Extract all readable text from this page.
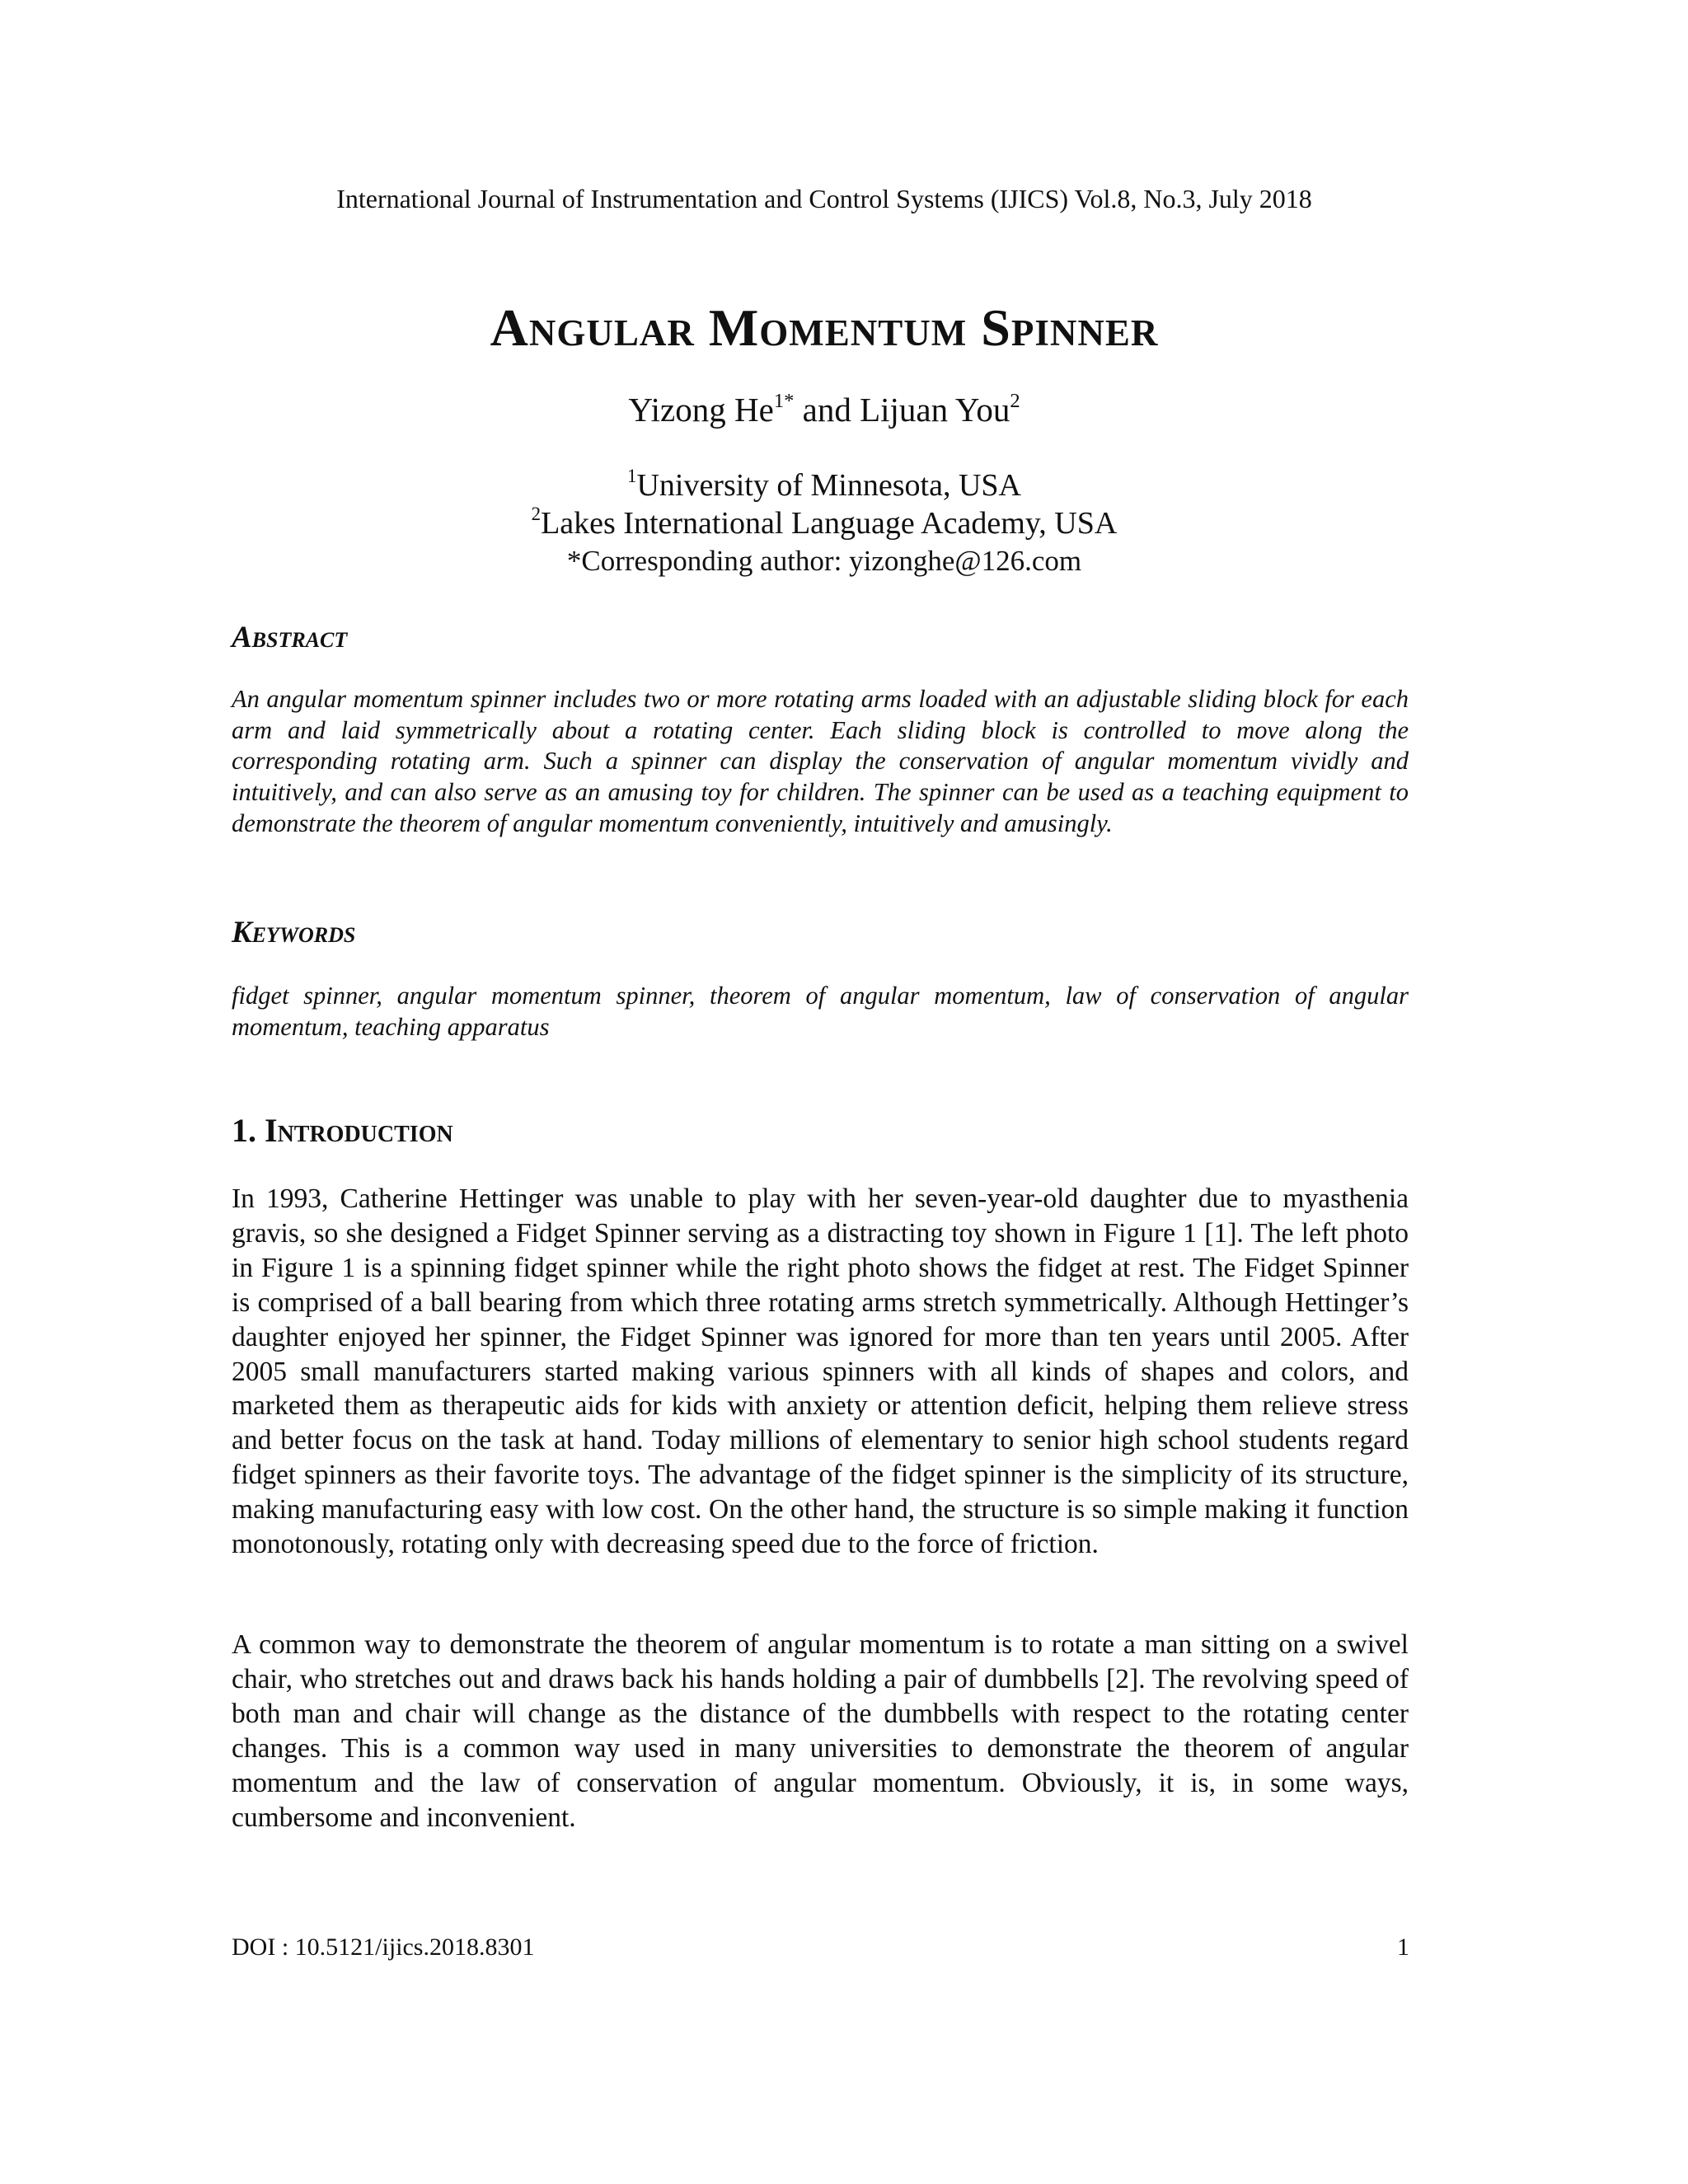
International Journal of Instrumentation and Control Systems (IJICS) Vol.8, No.3, July 2018
Angular Momentum Spinner
Yizong $He^{1*}$ and Lijuan You$^2$
$^1$University of Minnesota, USA
$^2$Lakes International Language Academy, USA
*Corresponding author: yizonghe@126.com
Abstract

An angular momentum spinner includes two or more rotating arms loaded with an adjustable sliding block for each arm and laid symmetrically about a rotating center. Each sliding block is controlled to move along the corresponding rotating arm. Such a spinner can display the conservation of angular momentum vividly and intuitively, and can also serve as an amusing toy for children. The spinner can be used as a teaching equipment to demonstrate the theorem of angular momentum conveniently, intuitively and amusingly.

Keywords

fidget spinner, angular momentum spinner, theorem of angular momentum, law of conservation of angular momentum, teaching apparatus

1. Introduction

In 1993, Catherine Hettinger was unable to play with her seven-year-old daughter due to myasthenia gravis, so she designed a Fidget Spinner serving as a distracting toy shown in Figure 1 [1]. The left photo in Figure 1 is a spinning fidget spinner while the right photo shows the fidget at rest. The Fidget Spinner is comprised of a ball bearing from which three rotating arms stretch symmetrically. Although Hettinger’s daughter enjoyed her spinner, the Fidget Spinner was ignored for more than ten years until 2005. After 2005 small manufacturers started making various spinners with all kinds of shapes and colors, and marketed them as therapeutic aids for kids with anxiety or attention deficit, helping them relieve stress and better focus on the task at hand. Today millions of elementary to senior high school students regard fidget spinners as their favorite toys. The advantage of the fidget spinner is the simplicity of its structure, making manufacturing easy with low cost. On the other hand, the structure is so simple making it function monotonously, rotating only with decreasing speed due to the force of friction.

A common way to demonstrate the theorem of angular momentum is to rotate a man sitting on a swivel chair, who stretches out and draws back his hands holding a pair of dumbbells [2]. The revolving speed of both man and chair will change as the distance of the dumbbells with respect to the rotating center changes. This is a common way used in many universities to demonstrate the theorem of angular momentum and the law of conservation of angular momentum. Obviously, it is, in some ways, cumbersome and inconvenient.

DOI : 10.5121/ijics.2018.8301	1
